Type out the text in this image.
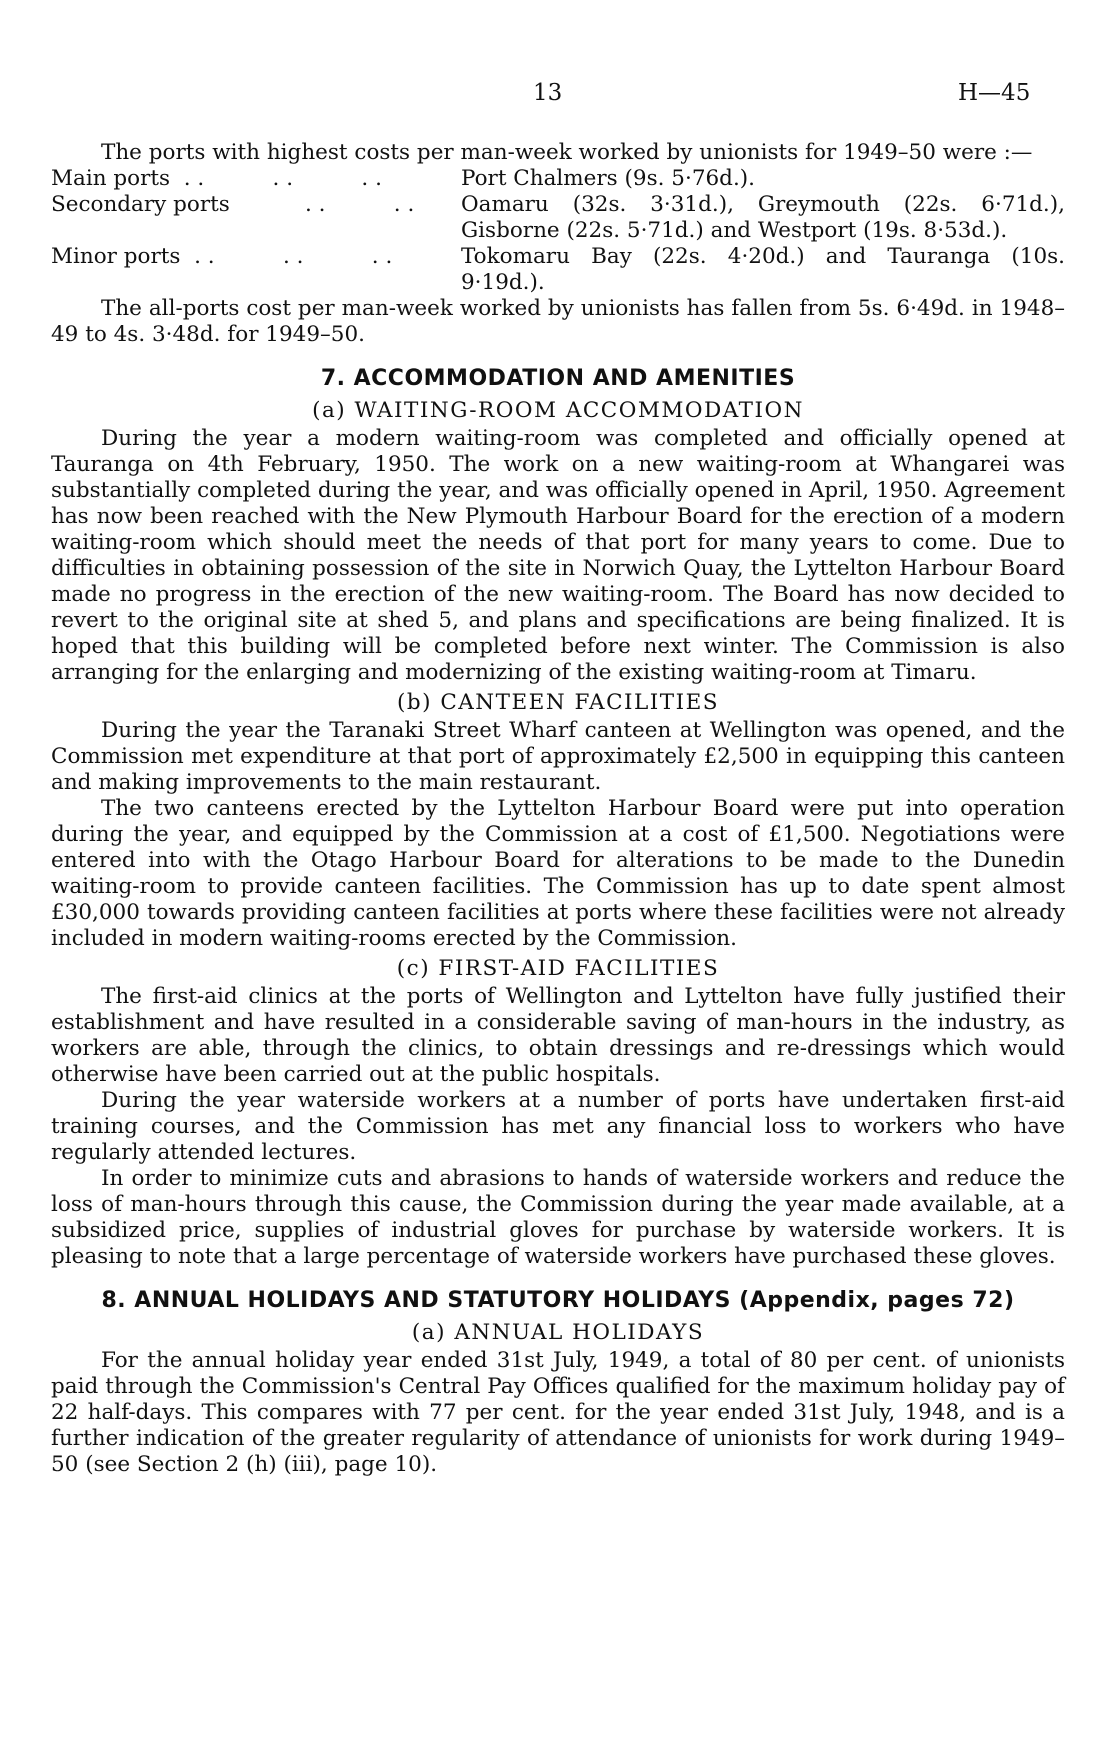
13	H—45

The ports with highest costs per man-week worked by unionists for 1949–50 were :—

Main ports  . .          . .          . .	Port Chalmers (9s. 5·76d.).
Secondary ports           . .          . .	Oamaru (32s. 3·31d.), Greymouth (22s. 6·71d.), Gisborne (22s. 5·71d.) and Westport (19s. 8·53d.).
Minor ports  . .          . .          . .	Tokomaru Bay (22s. 4·20d.) and Tauranga (10s. 9·19d.).

The all-ports cost per man-week worked by unionists has fallen from 5s. 6·49d. in 1948–49 to 4s. 3·48d. for 1949–50.

7. ACCOMMODATION AND AMENITIES
(a) WAITING-ROOM ACCOMMODATION

During the year a modern waiting-room was completed and officially opened at Tauranga on 4th February, 1950. The work on a new waiting-room at Whangarei was substantially completed during the year, and was officially opened in April, 1950. Agreement has now been reached with the New Plymouth Harbour Board for the erection of a modern waiting-room which should meet the needs of that port for many years to come. Due to difficulties in obtaining possession of the site in Norwich Quay, the Lyttelton Harbour Board made no progress in the erection of the new waiting-room. The Board has now decided to revert to the original site at shed 5, and plans and specifications are being finalized. It is hoped that this building will be completed before next winter. The Commission is also arranging for the enlarging and modernizing of the existing waiting-room at Timaru.

(b) CANTEEN FACILITIES

During the year the Taranaki Street Wharf canteen at Wellington was opened, and the Commission met expenditure at that port of approximately £2,500 in equipping this canteen and making improvements to the main restaurant.

The two canteens erected by the Lyttelton Harbour Board were put into operation during the year, and equipped by the Commission at a cost of £1,500. Negotiations were entered into with the Otago Harbour Board for alterations to be made to the Dunedin waiting-room to provide canteen facilities. The Commission has up to date spent almost £30,000 towards providing canteen facilities at ports where these facilities were not already included in modern waiting-rooms erected by the Commission.

(c) FIRST-AID FACILITIES

The first-aid clinics at the ports of Wellington and Lyttelton have fully justified their establishment and have resulted in a considerable saving of man-hours in the industry, as workers are able, through the clinics, to obtain dressings and re-dressings which would otherwise have been carried out at the public hospitals.

During the year waterside workers at a number of ports have undertaken first-aid training courses, and the Commission has met any financial loss to workers who have regularly attended lectures.

In order to minimize cuts and abrasions to hands of waterside workers and reduce the loss of man-hours through this cause, the Commission during the year made available, at a subsidized price, supplies of industrial gloves for purchase by waterside workers. It is pleasing to note that a large percentage of waterside workers have purchased these gloves.

8. ANNUAL HOLIDAYS AND STATUTORY HOLIDAYS (Appendix, pages 72)
(a) ANNUAL HOLIDAYS

For the annual holiday year ended 31st July, 1949, a total of 80 per cent. of unionists paid through the Commission's Central Pay Offices qualified for the maximum holiday pay of 22 half-days. This compares with 77 per cent. for the year ended 31st July, 1948, and is a further indication of the greater regularity of attendance of unionists for work during 1949–50 (see Section 2 (h) (iii), page 10).
